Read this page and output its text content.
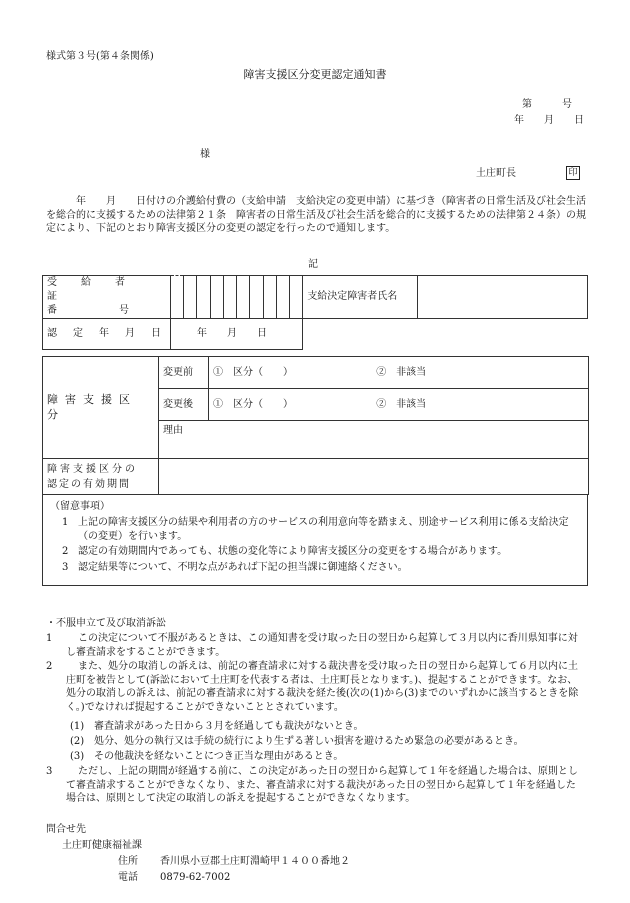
様式第３号(第４条関係)
障害支援区分変更認定通知書
第　　　号
年　　月　　日
様
土庄町長	印
年　　月　　日付けの介護給付費の（支給申請　支給決定の変更申請）に基づき（障害者の日常生活及び社会生活を総合的に支援するための法律第２１条　障害者の日常生活及び社会生活を総合的に支援するための法律第２４条）の規定により、下記のとおり障害支援区分の変更の認定を行ったので通知します。
記
受　給　者　証
番　　　　　号											支給決定障害者氏名	
認　定　年　月　日	年　　月　　日											
障害支援区分	変更前	①　区分（　　） ②　非該当
	変更後	①　区分（　　） ②　非該当
	理由	

障害支援区分の
認定の有効期間		

（留意事項）
1 上記の障害支援区分の結果や利用者の方のサービスの利用意向等を踏まえ、別途サービス利用に係る支給決定（の変更）を行います。
2 認定の有効期間内であっても、状態の変化等により障害支援区分の変更をする場合があります。
3 認定結果等について、不明な点があれば下記の担当課に御連絡ください。
・不服申立て及び取消訴訟
1	この決定について不服があるときは、この通知書を受け取った日の翌日から起算して３月以内に香川県知事に対し審査請求をすることができます。
2	また、処分の取消しの訴えは、前記の審査請求に対する裁決書を受け取った日の翌日から起算して６月以内に土庄町を被告として(訴訟において土庄町を代表する者は、土庄町長となります。)、提起することができます。なお、処分の取消しの訴えは、前記の審査請求に対する裁決を経た後(次の(1)から(3)までのいずれかに該当するときを除く。)でなければ提起することができないこととされています。
(1) 審査請求があった日から３月を経過しても裁決がないとき。
(2) 処分、処分の執行又は手続の続行により生ずる著しい損害を避けるため緊急の必要があるとき。
(3) その他裁決を経ないことにつき正当な理由があるとき。
3	ただし、上記の期間が経過する前に、この決定があった日の翌日から起算して１年を経過した場合は、原則として審査請求することができなくなり、また、審査請求に対する裁決があった日の翌日から起算して１年を経過した場合は、原則として決定の取消しの訴えを提起することができなくなります。
問合せ先
土庄町健康福祉課
住所 香川県小豆郡土庄町淵崎甲１４００番地２
電話 0879-62-7002
